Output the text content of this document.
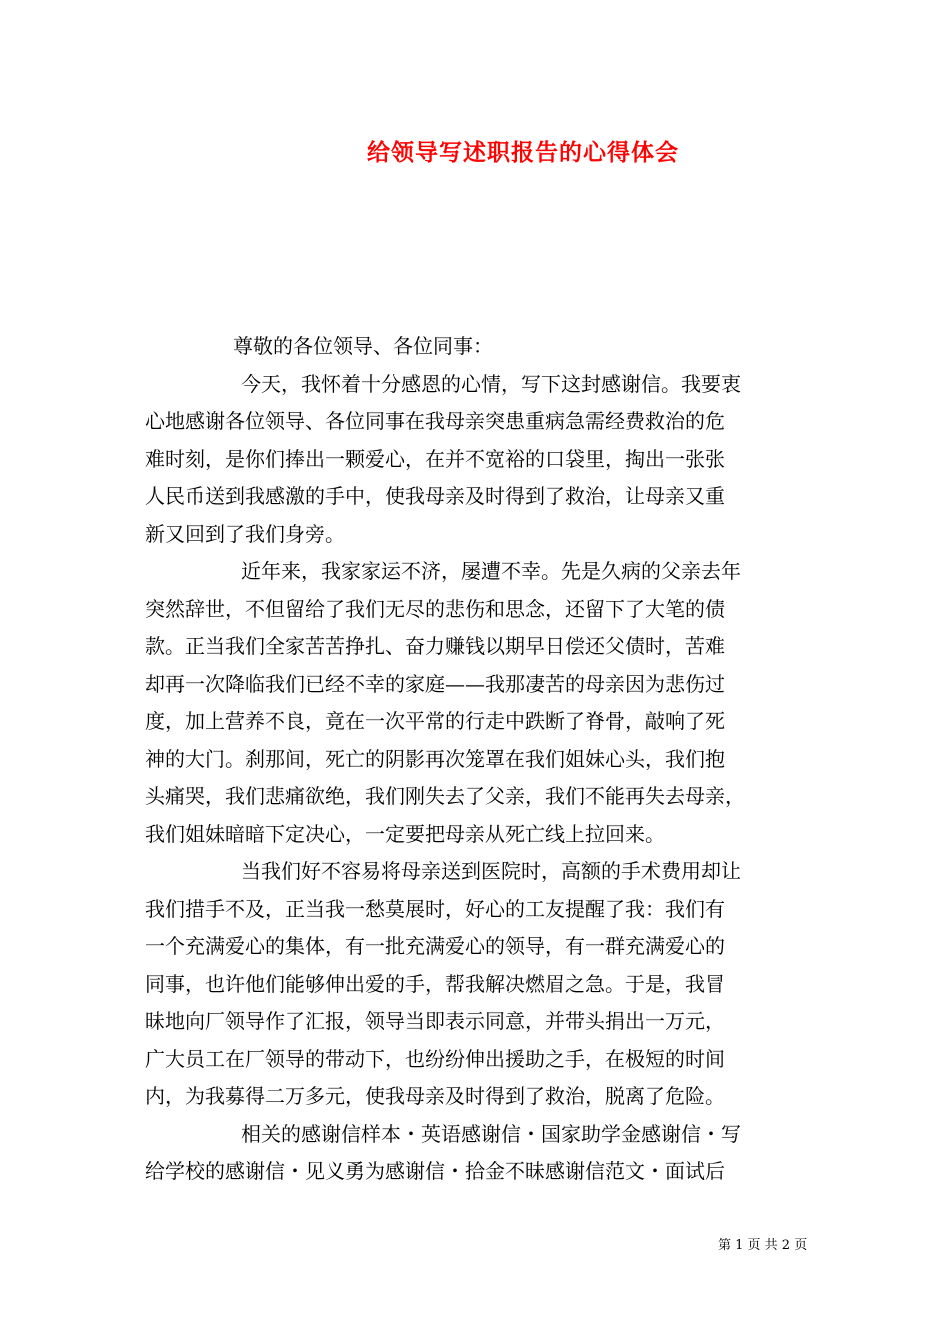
给领导写述职报告的心得体会
尊敬的各位领导、各位同事：
今天，我怀着十分感恩的心情，写下这封感谢信。我要衷
心地感谢各位领导、各位同事在我母亲突患重病急需经费救治的危
难时刻，是你们捧出一颗爱心，在并不宽裕的口袋里，掏出一张张
人民币送到我感激的手中，使我母亲及时得到了救治，让母亲又重
新又回到了我们身旁。
近年来，我家家运不济，屡遭不幸。先是久病的父亲去年
突然辞世，不但留给了我们无尽的悲伤和思念，还留下了大笔的债
款。正当我们全家苦苦挣扎、奋力赚钱以期早日偿还父债时，苦难
却再一次降临我们已经不幸的家庭——我那凄苦的母亲因为悲伤过
度，加上营养不良，竟在一次平常的行走中跌断了脊骨，敲响了死
神的大门。刹那间，死亡的阴影再次笼罩在我们姐妹心头，我们抱
头痛哭，我们悲痛欲绝，我们刚失去了父亲，我们不能再失去母亲，
我们姐妹暗暗下定决心，一定要把母亲从死亡线上拉回来。
当我们好不容易将母亲送到医院时，高额的手术费用却让
我们措手不及，正当我一愁莫展时，好心的工友提醒了我：我们有
一个充满爱心的集体，有一批充满爱心的领导，有一群充满爱心的
同事，也许他们能够伸出爱的手，帮我解决燃眉之急。于是，我冒
昧地向厂领导作了汇报，领导当即表示同意，并带头捐出一万元，
广大员工在厂领导的带动下，也纷纷伸出援助之手，在极短的时间
内，为我募得二万多元，使我母亲及时得到了救治，脱离了危险。
相关的感谢信样本・英语感谢信・国家助学金感谢信・写
给学校的感谢信・见义勇为感谢信・拾金不昧感谢信范文・面试后
第 1 页 共 2 页
